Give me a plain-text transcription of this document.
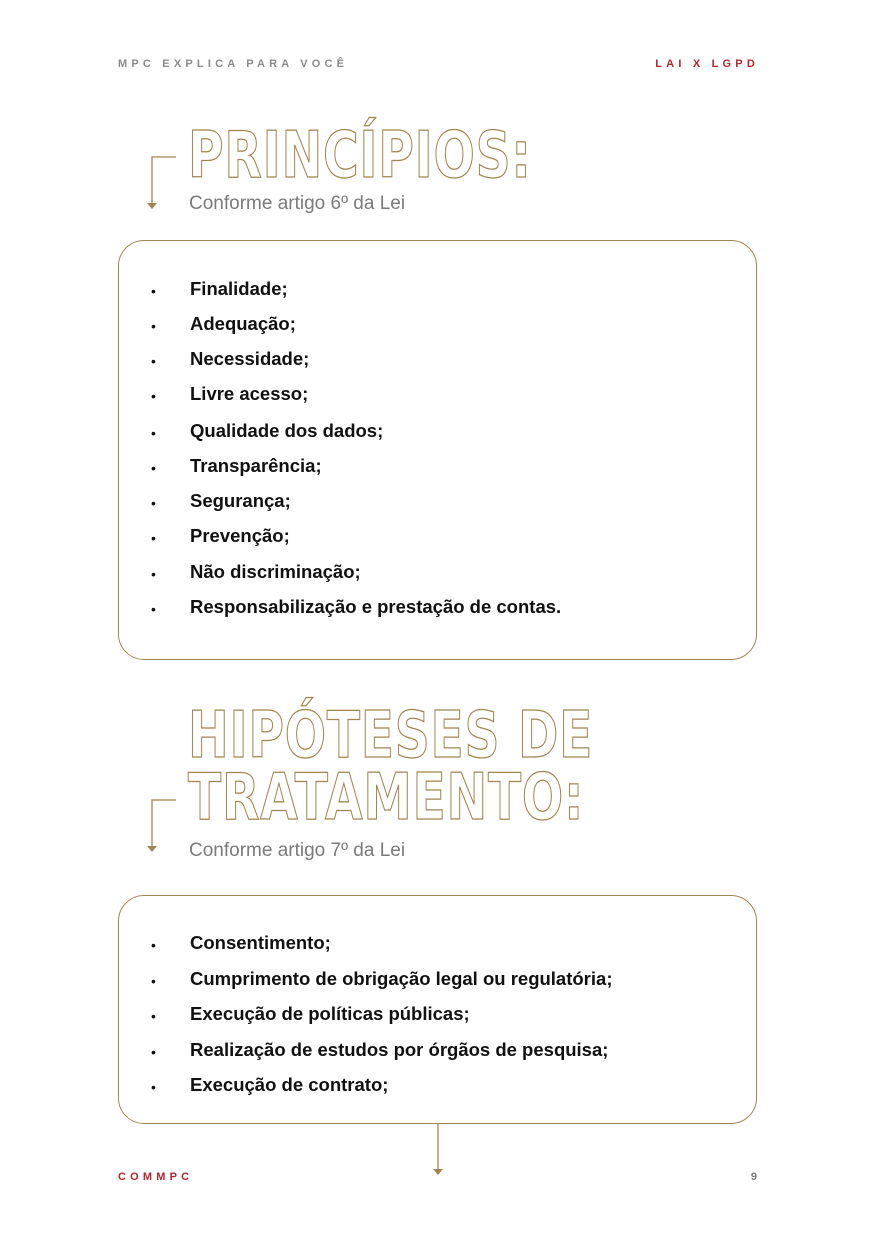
MPC EXPLICA PARA VOCÊ	LAI X LGPD
PRINCÍPIOS:
Conforme artigo 6º da Lei
• Finalidade;
• Adequação;
• Necessidade;
• Livre acesso;
• Qualidade dos dados;
• Transparência;
• Segurança;
• Prevenção;
• Não discriminação;
• Responsabilização e prestação de contas.
HIPÓTESES DE
TRATAMENTO:
Conforme artigo 7º da Lei
• Consentimento;
• Cumprimento de obrigação legal ou regulatória;
• Execução de políticas públicas;
• Realização de estudos por órgãos de pesquisa;
• Execução de contrato;
COMMPC	9
